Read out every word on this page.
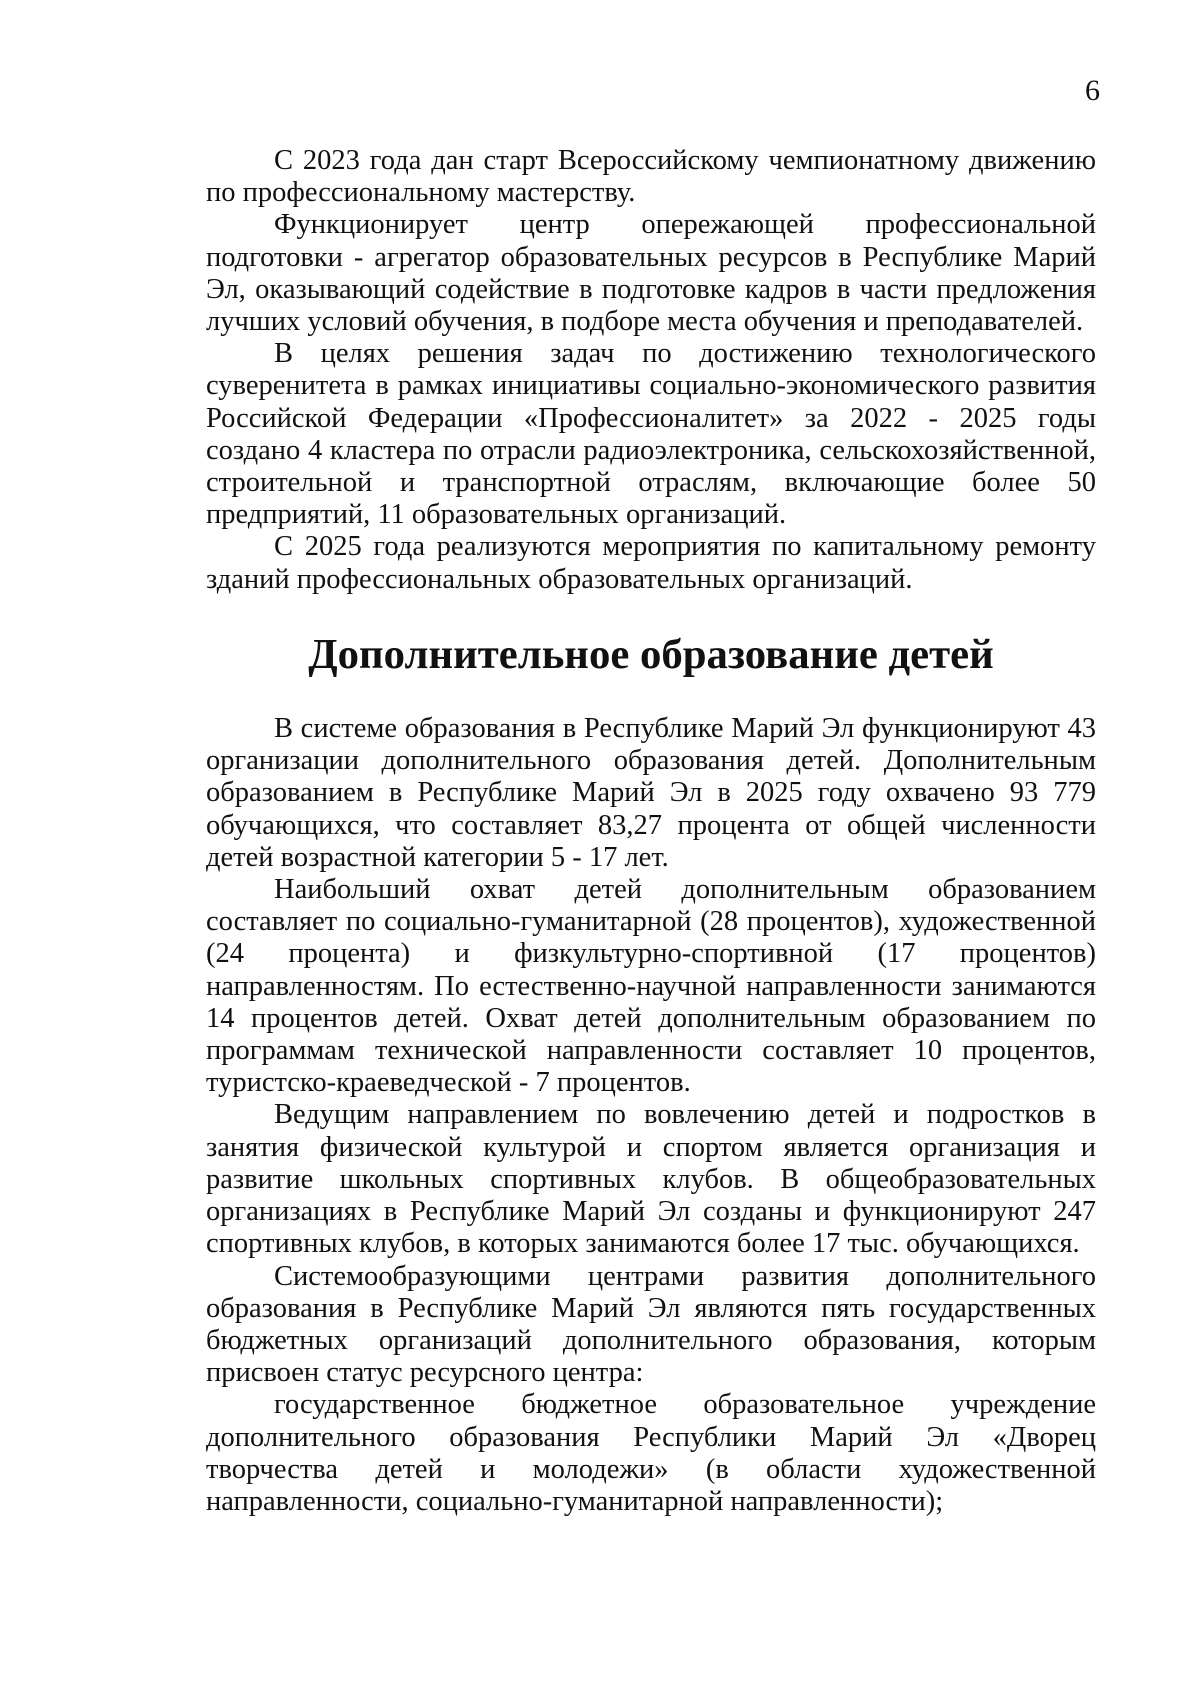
6

С 2023 года дан старт Всероссийскому чемпионатному движению по профессиональному мастерству.

Функционирует центр опережающей профессиональной подготовки - агрегатор образовательных ресурсов в Республике Марий Эл, оказывающий содействие в подготовке кадров в части предложения лучших условий обучения, в подборе места обучения и преподавателей.

В целях решения задач по достижению технологического суверенитета в рамках инициативы социально-экономического развития Российской Федерации «Профессионалитет» за 2022 - 2025 годы создано 4 кластера по отрасли радиоэлектроника, сельскохозяйственной, строительной и транспортной отраслям, включающие более 50 предприятий, 11 образовательных организаций.

С 2025 года реализуются мероприятия по капитальному ремонту зданий профессиональных образовательных организаций.

Дополнительное образование детей

В системе образования в Республике Марий Эл функционируют 43 организации дополнительного образования детей. Дополнительным образованием в Республике Марий Эл в 2025 году охвачено 93 779 обучающихся, что составляет 83,27 процента от общей численности детей возрастной категории 5 - 17 лет.

Наибольший охват детей дополнительным образованием составляет по социально-гуманитарной (28 процентов), художественной (24 процента) и физкультурно-спортивной (17 процентов) направленностям. По естественно-научной направленности занимаются 14 процентов детей. Охват детей дополнительным образованием по программам технической направленности составляет 10 процентов, туристско-краеведческой - 7 процентов.

Ведущим направлением по вовлечению детей и подростков в занятия физической культурой и спортом является организация и развитие школьных спортивных клубов. В общеобразовательных организациях в Республике Марий Эл созданы и функционируют 247 спортивных клубов, в которых занимаются более 17 тыс. обучающихся.

Системообразующими центрами развития дополнительного образования в Республике Марий Эл являются пять государственных бюджетных организаций дополнительного образования, которым присвоен статус ресурсного центра:

государственное бюджетное образовательное учреждение дополнительного образования Республики Марий Эл «Дворец творчества детей и молодежи» (в области художественной направленности, социально-гуманитарной направленности);
